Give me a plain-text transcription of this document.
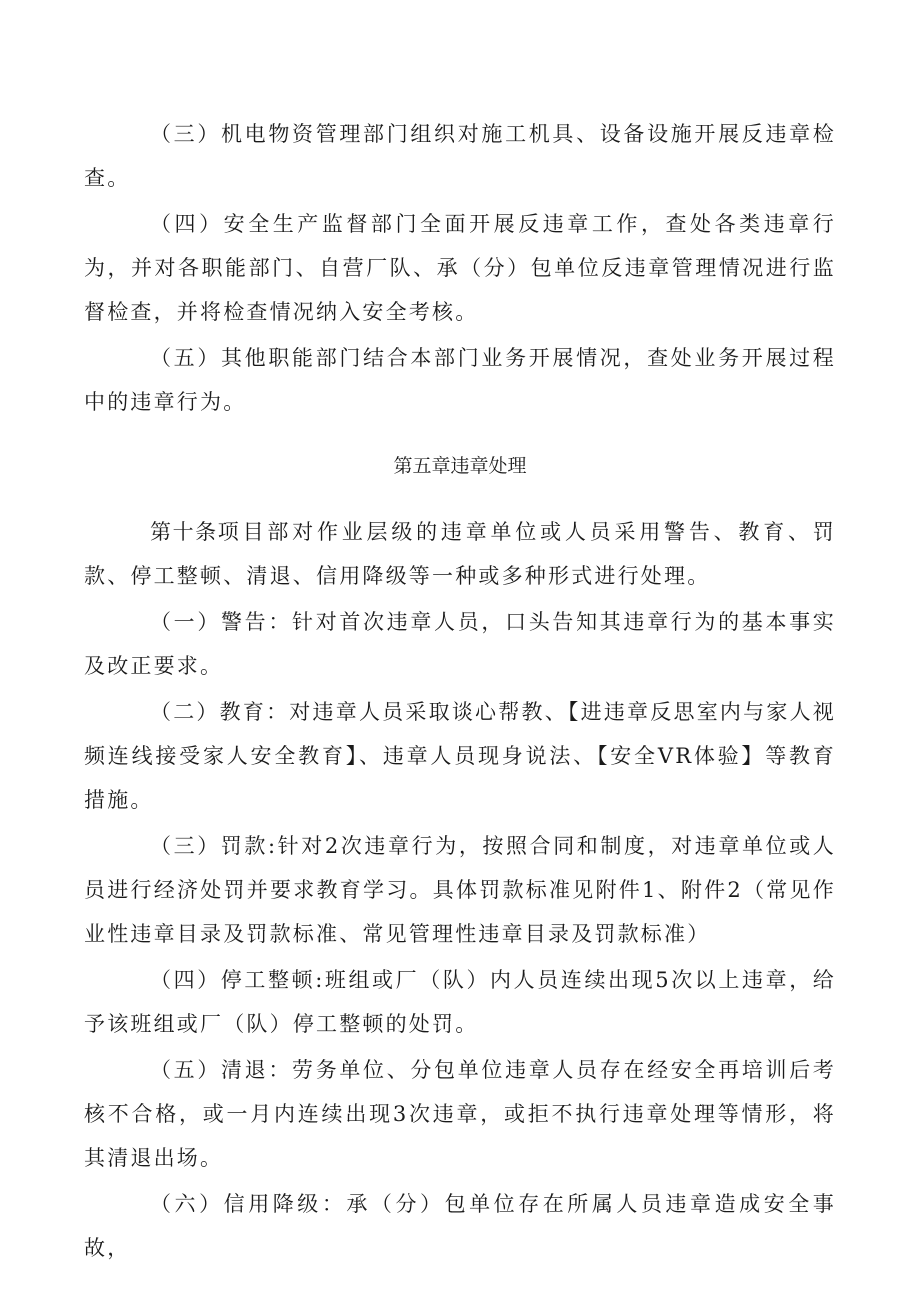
（三）机电物资管理部门组织对施工机具、设备设施开展反违章检查。

（四）安全生产监督部门全面开展反违章工作，查处各类违章行为，并对各职能部门、自营厂队、承（分）包单位反违章管理情况进行监督检查，并将检查情况纳入安全考核。

（五）其他职能部门结合本部门业务开展情况，查处业务开展过程中的违章行为。

第五章违章处理

第十条项目部对作业层级的违章单位或人员采用警告、教育、罚款、停工整顿、清退、信用降级等一种或多种形式进行处理。

（一）警告：针对首次违章人员，口头告知其违章行为的基本事实及改正要求。

（二）教育：对违章人员采取谈心帮教、【进违章反思室内与家人视频连线接受家人安全教育】、违章人员现身说法、【安全VR体验】等教育措施。

（三）罚款:针对2次违章行为，按照合同和制度，对违章单位或人员进行经济处罚并要求教育学习。具体罚款标准见附件1、附件2（常见作业性违章目录及罚款标准、常见管理性违章目录及罚款标准）

（四）停工整顿:班组或厂（队）内人员连续出现5次以上违章，给予该班组或厂（队）停工整顿的处罚。

（五）清退：劳务单位、分包单位违章人员存在经安全再培训后考核不合格，或一月内连续出现3次违章，或拒不执行违章处理等情形，将其清退出场。

（六）信用降级：承（分）包单位存在所属人员违章造成安全事故，
